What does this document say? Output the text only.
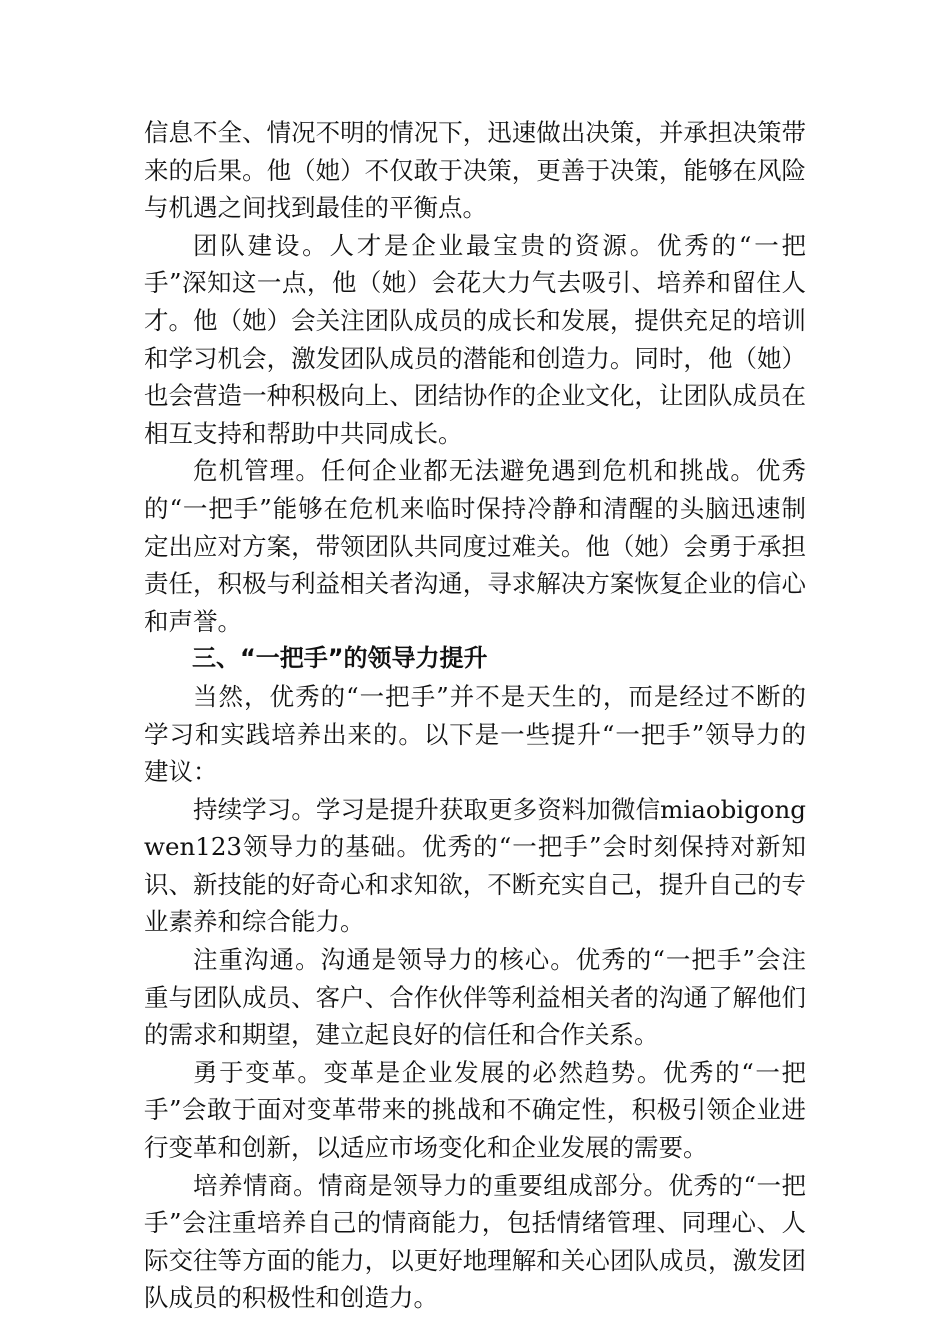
信息不全、情况不明的情况下，迅速做出决策，并承担决策带来的后果。他（她）不仅敢于决策，更善于决策，能够在风险与机遇之间找到最佳的平衡点。

团队建设。人才是企业最宝贵的资源。优秀的“一把手”深知这一点，他（她）会花大力气去吸引、培养和留住人才。他（她）会关注团队成员的成长和发展，提供充足的培训和学习机会，激发团队成员的潜能和创造力。同时，他（她）也会营造一种积极向上、团结协作的企业文化，让团队成员在相互支持和帮助中共同成长。

危机管理。任何企业都无法避免遇到危机和挑战。优秀的“一把手”能够在危机来临时保持冷静和清醒的头脑迅速制定出应对方案，带领团队共同度过难关。他（她）会勇于承担责任，积极与利益相关者沟通，寻求解决方案恢复企业的信心和声誉。

三、“一把手”的领导力提升

当然，优秀的“一把手”并不是天生的，而是经过不断的学习和实践培养出来的。以下是一些提升“一把手”领导力的建议：

持续学习。学习是提升获取更多资料加微信miaobigongwen123领导力的基础。优秀的“一把手”会时刻保持对新知识、新技能的好奇心和求知欲，不断充实自己，提升自己的专业素养和综合能力。

注重沟通。沟通是领导力的核心。优秀的“一把手”会注重与团队成员、客户、合作伙伴等利益相关者的沟通了解他们的需求和期望，建立起良好的信任和合作关系。

勇于变革。变革是企业发展的必然趋势。优秀的“一把手”会敢于面对变革带来的挑战和不确定性，积极引领企业进行变革和创新，以适应市场变化和企业发展的需要。

培养情商。情商是领导力的重要组成部分。优秀的“一把手”会注重培养自己的情商能力，包括情绪管理、同理心、人际交往等方面的能力，以更好地理解和关心团队成员，激发团队成员的积极性和创造力。
